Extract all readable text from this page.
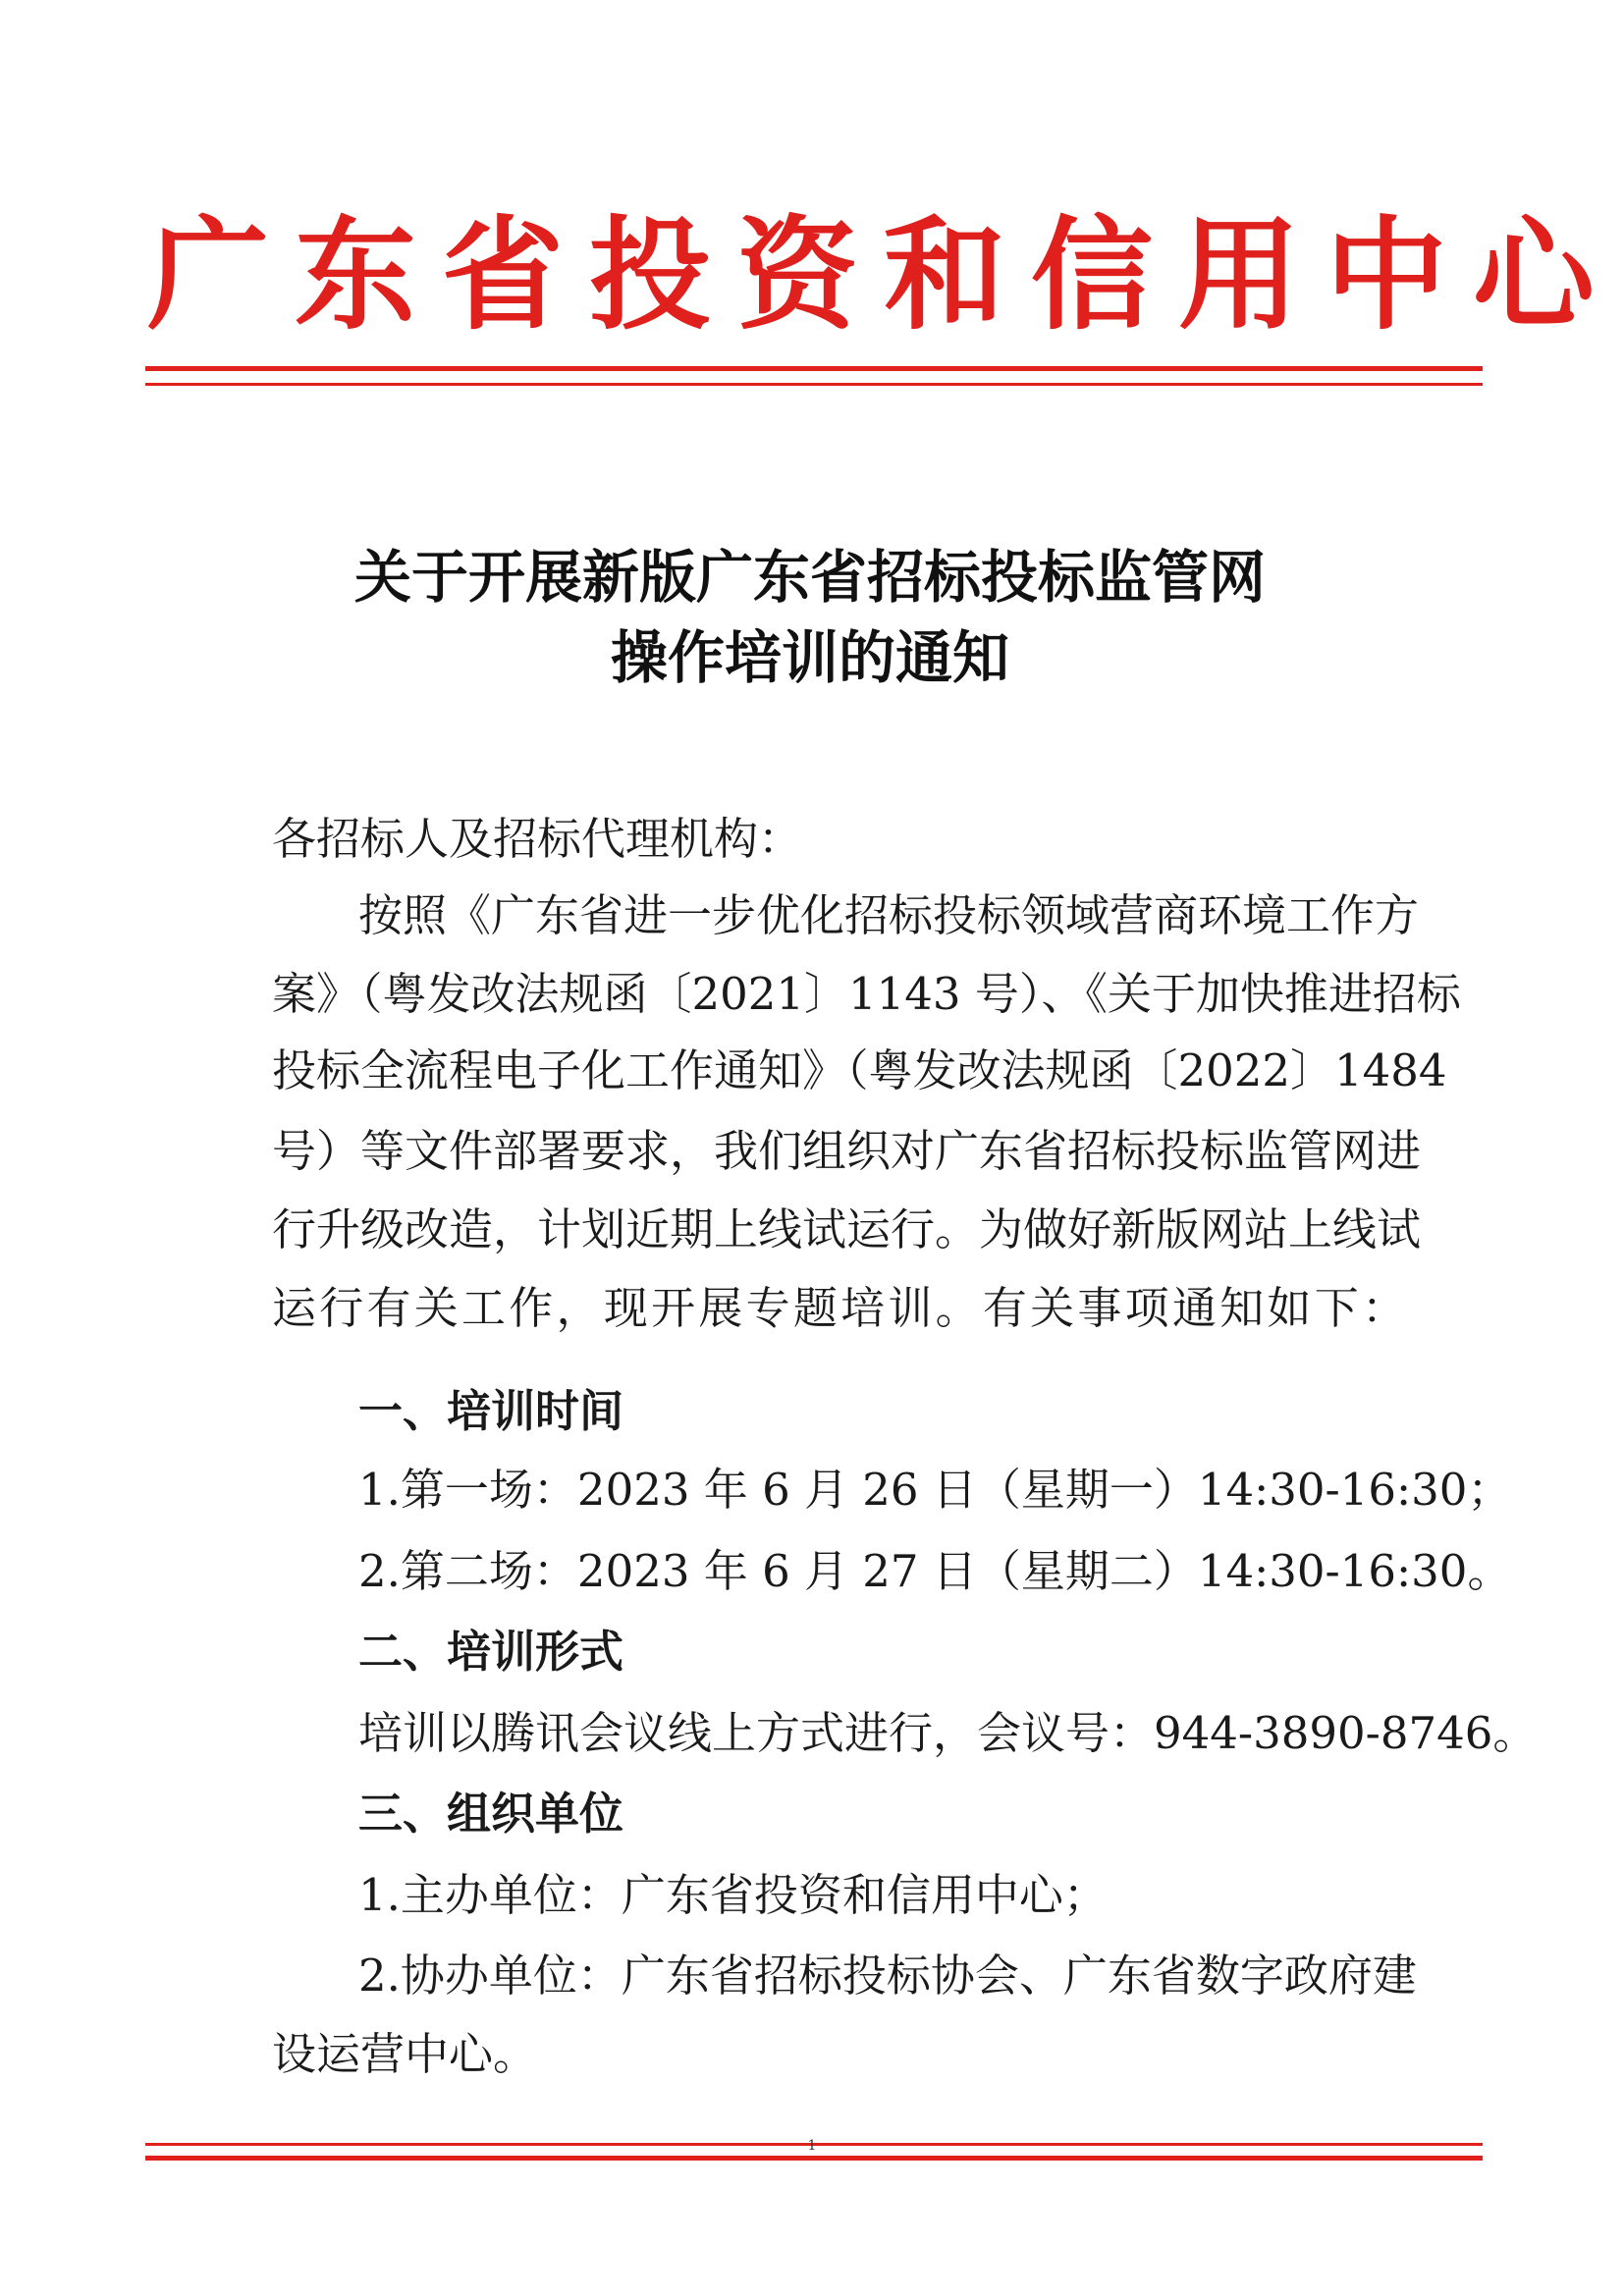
广东省投资和信用中心
关于开展新版广东省招标投标监管网
操作培训的通知
各招标人及招标代理机构：
按照《广东省进一步优化招标投标领域营商环境工作方
案》（粤发改法规函〔2021〕1143 号）、《关于加快推进招标
投标全流程电子化工作通知》（粤发改法规函〔2022〕1484
号）等文件部署要求，我们组织对广东省招标投标监管网进
行升级改造，计划近期上线试运行。为做好新版网站上线试
运行有关工作，现开展专题培训。有关事项通知如下：
一、培训时间
1.第一场：2023 年 6 月 26 日（星期一）14:30-16:30；
2.第二场：2023 年 6 月 27 日（星期二）14:30-16:30。
二、培训形式
培训以腾讯会议线上方式进行，会议号：944-3890-8746。
三、组织单位
1.主办单位：广东省投资和信用中心；
2.协办单位：广东省招标投标协会、广东省数字政府建
设运营中心。
1
